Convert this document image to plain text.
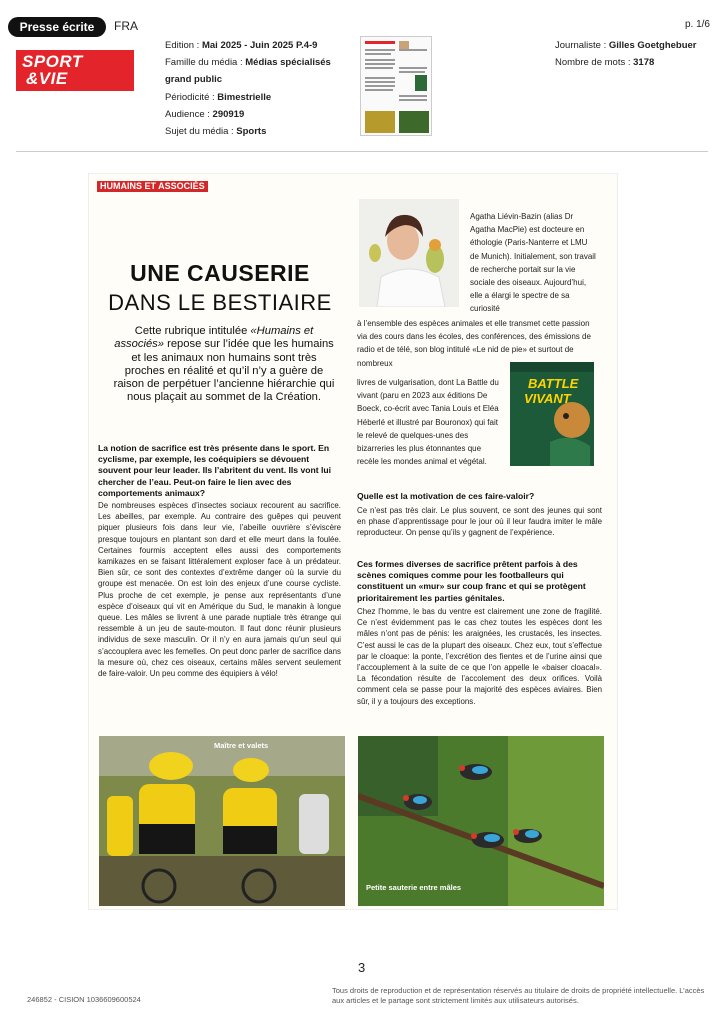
Presse écrite	FRA
SPORT
&VIE
Edition : Mai 2025 - Juin 2025 P.4-9
Famille du média : Médias spécialisés grand public
Périodicité : Bimestrielle
Audience : 290919
Sujet du média : Sports
Journaliste : Gilles Goetghebuer
Nombre de mots : 3178
p. 1/6
HUMAINS ET ASSOCIÉS
UNE CAUSERIE
DANS LE BESTIAIRE
Cette rubrique intitulée «Humains et associés» repose sur l’idée que les humains et les animaux non humains sont très proches en réalité et qu’il n’y a guère de raison de perpétuer l’ancienne hiérarchie qui nous plaçait au sommet de la Création.
La notion de sacrifice est très présente dans le sport. En cyclisme, par exemple, les coéquipiers se dévouent souvent pour leur leader. Ils l’abritent du vent. Ils vont lui chercher de l’eau. Peut-on faire le lien avec des comportements animaux?
De nombreuses espèces d’insectes sociaux recourent au sacrifice. Les abeilles, par exemple. Au contraire des guêpes qui peuvent piquer plusieurs fois dans leur vie, l’abeille ouvrière s’éviscère presque toujours en plantant son dard et elle meurt dans la foulée. Certaines fourmis acceptent elles aussi des comportements kamikazes en se faisant littéralement exploser face à un prédateur. Bien sûr, ce sont des contextes d’extrême danger où la survie du groupe est menacée. On est loin des enjeux d’une course cycliste. Plus proche de cet exemple, je pense aux représentants d’une espèce d’oiseaux qui vit en Amérique du Sud, le manakin à longue queue. Les mâles se livrent à une parade nuptiale très étrange qui ressemble à un jeu de saute-mouton. Il faut donc réunir plusieurs individus de sexe masculin. Or il n’y en aura jamais qu’un seul qui s’accouplera avec les femelles. On peut donc parler de sacrifice dans la mesure où, chez ces oiseaux, certains mâles servent seulement de faire-valoir. Un peu comme des équipiers à vélo!
Agatha Liévin-Bazin (alias Dr Agatha MacPie) est docteure en éthologie (Paris-Nanterre et LMU de Munich). Initialement, son travail de recherche portait sur la vie sociale des oiseaux. Aujourd’hui, elle a élargi le spectre de sa curiosité
à l’ensemble des espèces animales et elle transmet cette passion via des cours dans les écoles, des conférences, des émissions de radio et de télé, son blog intitulé «Le nid de pie» et surtout de nombreux
livres de vulgarisation, dont La Battle du vivant (paru en 2023 aux éditions De Boeck, co-écrit avec Tania Louis et Eléa Héberlé et illustré par Bouronox) qui fait le relevé de quelques-unes des bizarreries les plus étonnantes que recèle les mondes animal et végétal.
BATTLE
VIVANT
Quelle est la motivation de ces faire-valoir?
Ce n’est pas très clair. Le plus souvent, ce sont des jeunes qui sont en phase d’apprentissage pour le jour où il leur faudra imiter le mâle reproducteur. On pense qu’ils y gagnent de l’expérience.
Ces formes diverses de sacrifice prêtent parfois à des scènes comiques comme pour les footballeurs qui constituent un «mur» sur coup franc et qui se protègent prioritairement les parties génitales.
Chez l’homme, le bas du ventre est clairement une zone de fragilité. Ce n’est évidemment pas le cas chez toutes les espèces dont les mâles n’ont pas de pénis: les araignées, les crustacés, les insectes. C’est aussi le cas de la plupart des oiseaux. Chez eux, tout s’effectue par le cloaque: la ponte, l’excrétion des fientes et de l’urine ainsi que l’accouplement à la suite de ce que l’on appelle le «baiser cloacal». La fécondation résulte de l’accolement des deux orifices. Voilà comment cela se passe pour la majorité des espèces aviaires. Bien sûr, il y a toujours des exceptions.
Maître et valets
Petite sauterie entre mâles
3
246852 - CISION 1036609600524
Tous droits de reproduction et de représentation réservés au titulaire de droits de propriété intellectuelle. L’accès aux articles et le partage sont strictement limités aux utilisateurs autorisés.
